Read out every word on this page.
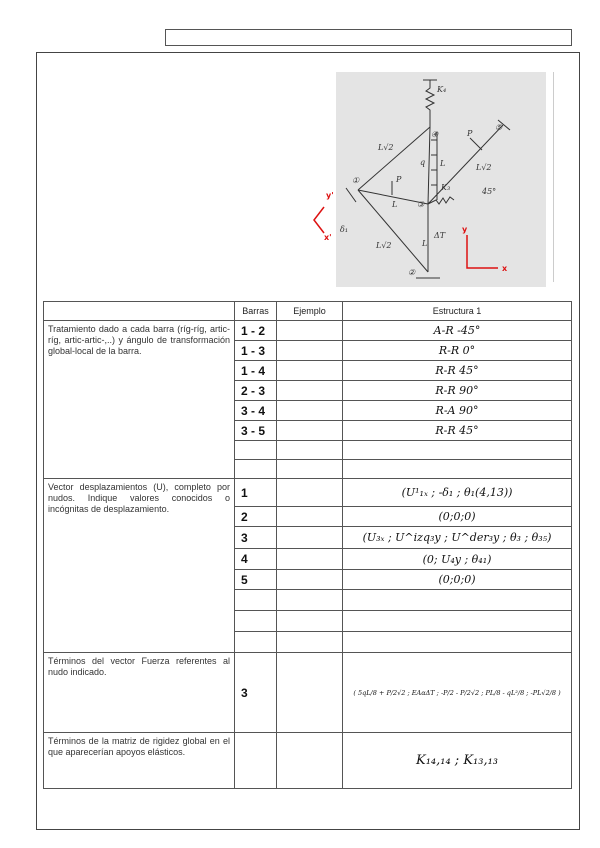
K₄
K₃
q
P
P
L√2
L√2
L√2
L
L
L
ΔT
45°
δ₁
①
②
③
④
⑤
y'
x'
y
x
	Barras	Ejemplo	Estructura 1
Tratamiento dado a cada barra (ríg-ríg, artic-ríg, artic-artic-,..) y ángulo de transformación global-local de la barra.	1 - 2		A-R -45°
	1 - 3		R-R 0°
	1 - 4		R-R 45°
	2 - 3		R-R 90°
	3 - 4		R-A 90°
	3 - 5		R-R 45°

Vector desplazamientos (U), completo por nudos. Indique valores conocidos o incógnitas de desplazamiento.	1		(U¹₁ₓ ; -δ₁ ; θ₁(4,13))
	2		(0;0;0)
	3		(U₃ₓ ; U^izq₃y ; U^der₃y ; θ₃ ; θ₃₅)
	4		(0; U₄y ; θ₄₁)
	5		(0;0;0)

Términos del vector Fuerza referentes al nudo indicado.	3		( 5qL/8 + P/2√2 ; EAαΔT ; -P/2 - P/2√2 ; PL/8 - qL²/8 ; -PL√2/8 )
Términos de la matriz de rigidez global en el que aparecerían apoyos elásticos.			K₁₄,₁₄ ; K₁₃,₁₃
